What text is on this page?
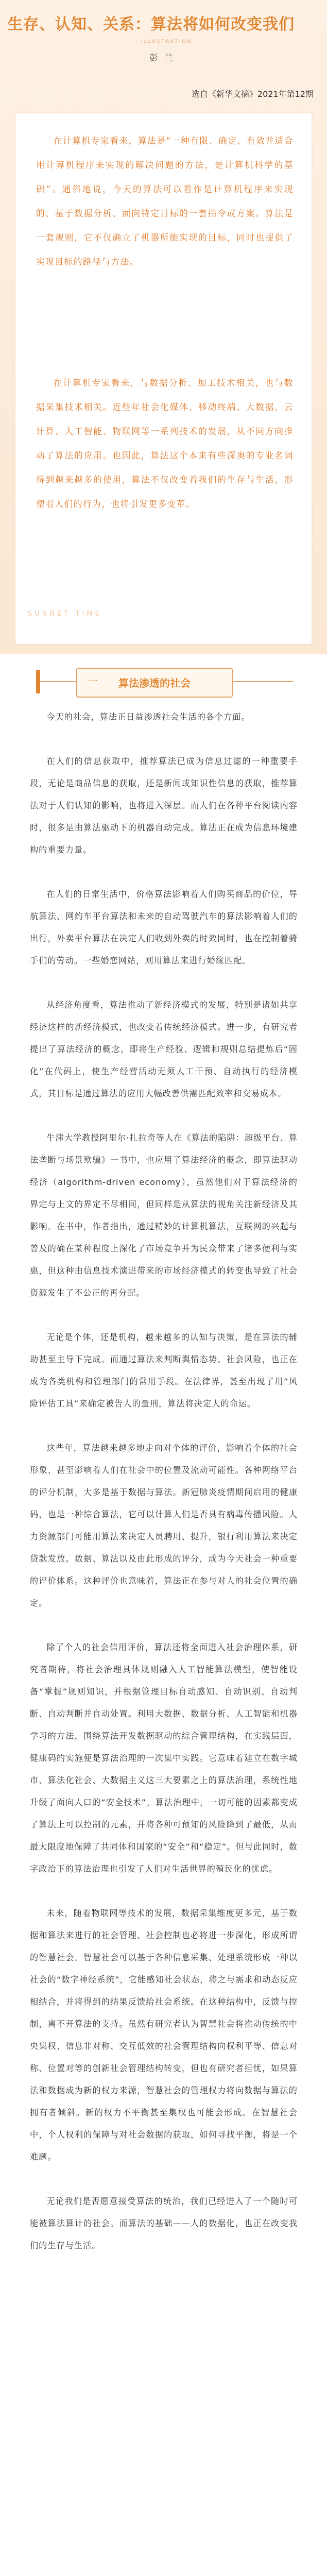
生存、认知、关系：算法将如何改变我们
ILLUSTRATION
彭 兰
选自《新华文摘》2021年第12期

在计算机专家看来，算法是“一种有限、确定、有效并适合用计算机程序来实现的解决问题的方法，是计算机科学的基础”。通俗地说，今天的算法可以看作是计算机程序来实现的、基于数据分析、面向特定目标的一套指令或方案。算法是一套规则，它不仅确立了机器所能实现的目标，同时也提供了实现目标的路径与方法。

在计算机专家看来，与数据分析、加工技术相关，也与数据采集技术相关。近些年社会化媒体、移动终端、大数据、云计算、人工智能、物联网等一系列技术的发展，从不同方向推动了算法的应用。也因此，算法这个本来有些深奥的专业名词得到越来越多的使用，算法不仅改变着我们的生存与生活，形塑着人们的行为，也将引发更多变革。

SUNNET TIME
一 算法渗透的社会

今天的社会，算法正日益渗透社会生活的各个方面。

在人们的信息获取中，推荐算法已成为信息过滤的一种重要手段，无论是商品信息的获取，还是新闻或知识性信息的获取，推荐算法对于人们认知的影响，也将进入深层。而人们在各种平台阅读内容时，很多是由算法驱动下的机器自动完成。算法正在成为信息环境建构的重要力量。

在人们的日常生活中，价格算法影响着人们购买商品的价位，导航算法、网约车平台算法和未来的自动驾驶汽车的算法影响着人们的出行，外卖平台算法在决定人们收到外卖的时效同时，也在控制着骑手们的劳动。一些婚恋网站，则用算法来进行婚缘匹配。

从经济角度看，算法推动了新经济模式的发展，特别是诸如共享经济这样的新经济模式，也改变着传统经济模式。进一步，有研究者提出了算法经济的概念，即将生产经验、逻辑和规则总结提炼后“固化”在代码上，使生产经营活动无须人工干预、自动执行的经济模式，其目标是通过算法的应用大幅改善供需匹配效率和交易成本。

牛津大学教授阿里尔·扎拉奇等人在《算法的陷阱：超级平台、算法垄断与场景欺骗》一书中，也应用了算法经济的概念，即算法驱动经济（algorithm-driven economy），虽然他们对于算法经济的界定与上文的界定不尽相同，但同样是从算法的视角关注新经济及其影响。在书中，作者指出，通过精妙的计算机算法，互联网的兴起与普及的确在某种程度上深化了市场竞争并为民众带来了诸多便利与实惠，但这种由信息技术演进带来的市场经济模式的转变也导致了社会资源发生了不公正的再分配。

无论是个体，还是机构，越来越多的认知与决策，是在算法的辅助甚至主导下完成。而通过算法来判断舆情态势、社会风险，也正在成为各类机构和管理部门的常用手段。在法律界，甚至出现了用“风险评估工具”来确定被告人的量刑，算法将决定人的命运。

这些年，算法越来越多地走向对个体的评价，影响着个体的社会形象、甚至影响着人们在社会中的位置及流动可能性。各种网络平台的评分机制，大多是基于数据与算法。新冠肺炎疫情期间启用的健康码，也是一种综合算法，它可以计算人们是否具有病毒传播风险。人力资源部门可能用算法来决定人员聘用、提升，银行利用算法来决定贷款发放。数据、算法以及由此形成的评分，成为今天社会一种重要的评价体系。这种评价也意味着，算法正在参与对人的社会位置的确定。

除了个人的社会信用评价，算法还将全面进入社会治理体系，研究者期待，将社会治理具体规则融入人工智能算法模型，使智能设备“掌握”规则知识，并根据管理目标自动感知、自动识别、自动判断、自动判断并自动处置。利用大数据、数据分析、人工智能和机器学习的方法，围绕算法开发数据驱动的综合管理结构，在实践层面，健康码的实施便是算法治理的一次集中实践。它意味着建立在数字城市、算法化社会、大数据主义这三大要素之上的算法治理，系统性地升级了面向人口的“安全技术”。算法治理中，一切可能的因素都变成了算法上可以控制的元素，并将各种可预知的风险降到了最低，从而最大限度地保障了共同体和国家的“安全”和“稳定”。但与此同时，数字政治下的算法治理也引发了人们对生活世界的殖民化的忧虑。

未来，随着物联网等技术的发展，数据采集维度更多元，基于数据和算法来进行的社会管理、社会控制也必将进一步深化，形成所谓的智慧社会。智慧社会可以基于各种信息采集、处理系统形成一种以社会的“数字神经系统”，它能感知社会状态，将之与需求和动态反应相结合，并将得到的结果反馈给社会系统。在这种结构中，反馈与控制，离不开算法的支持。虽然有研究者认为智慧社会将推动传统的中央集权、信息非对称、交互低效的社会管理结构向权利平等、信息对称、位置对等的创新社会管理结构转变，但也有研究者担忧，如果算法和数据成为新的权力来源，智慧社会的管理权力将向数据与算法的拥有者倾斜。新的权力不平衡甚至集权也可能会形成。在智慧社会中，个人权利的保障与对社会数据的获取，如何寻找平衡，将是一个难题。

无论我们是否愿意接受算法的统治，我们已经进入了一个随时可能被算法算计的社会。而算法的基础——人的数据化，也正在改变我们的生存与生活。
